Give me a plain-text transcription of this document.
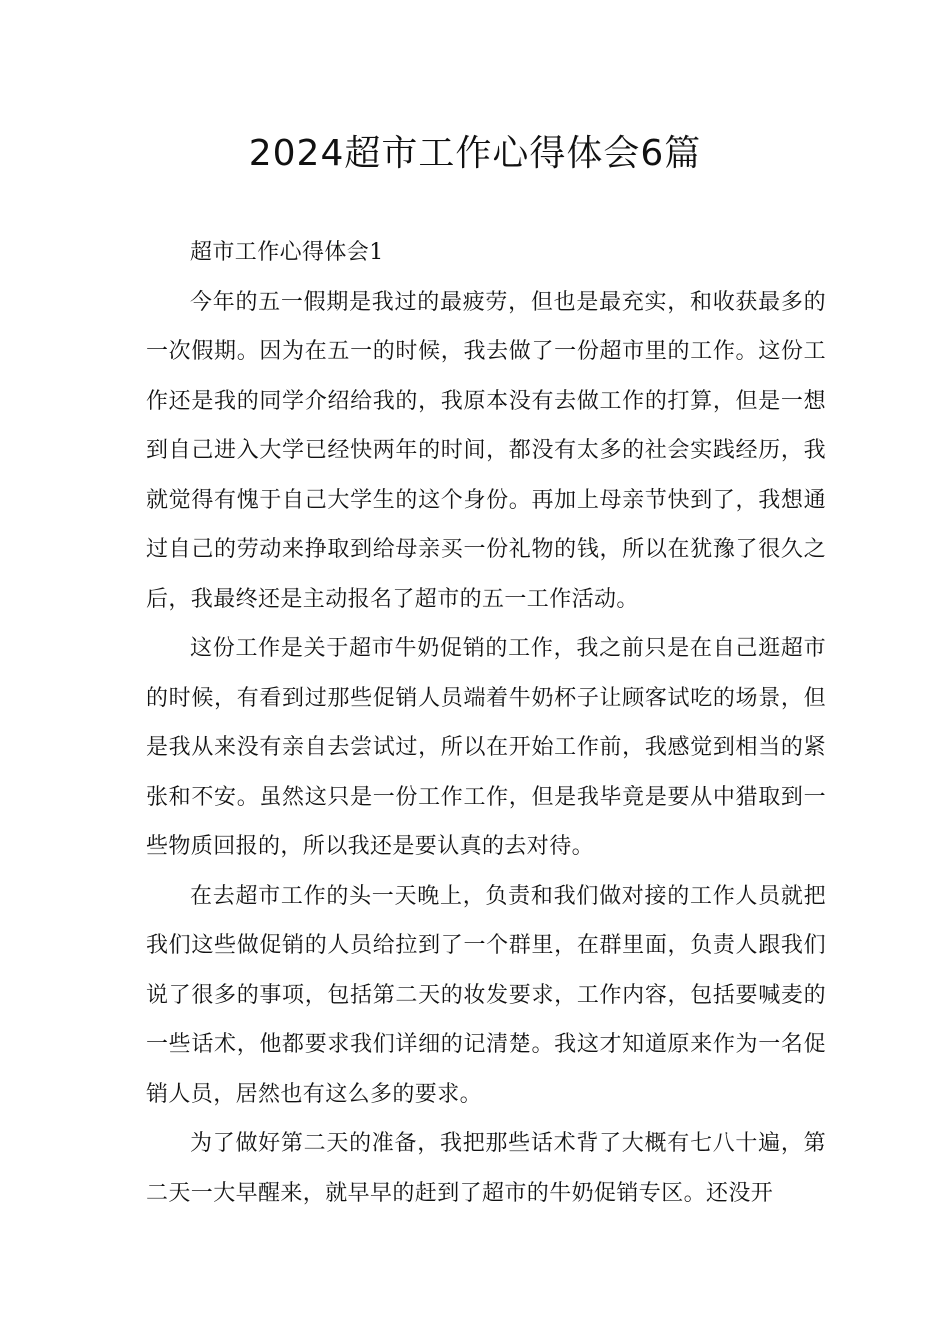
2024超市工作心得体会6篇

超市工作心得体会1

今年的五一假期是我过的最疲劳，但也是最充实，和收获最多的一次假期。因为在五一的时候，我去做了一份超市里的工作。这份工作还是我的同学介绍给我的，我原本没有去做工作的打算，但是一想到自己进入大学已经快两年的时间，都没有太多的社会实践经历，我就觉得有愧于自己大学生的这个身份。再加上母亲节快到了，我想通过自己的劳动来挣取到给母亲买一份礼物的钱，所以在犹豫了很久之后，我最终还是主动报名了超市的五一工作活动。

这份工作是关于超市牛奶促销的工作，我之前只是在自己逛超市的时候，有看到过那些促销人员端着牛奶杯子让顾客试吃的场景，但是我从来没有亲自去尝试过，所以在开始工作前，我感觉到相当的紧张和不安。虽然这只是一份工作工作，但是我毕竟是要从中猎取到一些物质回报的，所以我还是要认真的去对待。

在去超市工作的头一天晚上，负责和我们做对接的工作人员就把我们这些做促销的人员给拉到了一个群里，在群里面，负责人跟我们说了很多的事项，包括第二天的妆发要求，工作内容，包括要喊麦的一些话术，他都要求我们详细的记清楚。我这才知道原来作为一名促销人员，居然也有这么多的要求。

为了做好第二天的准备，我把那些话术背了大概有七八十遍，第二天一大早醒来，就早早的赶到了超市的牛奶促销专区。还没开
